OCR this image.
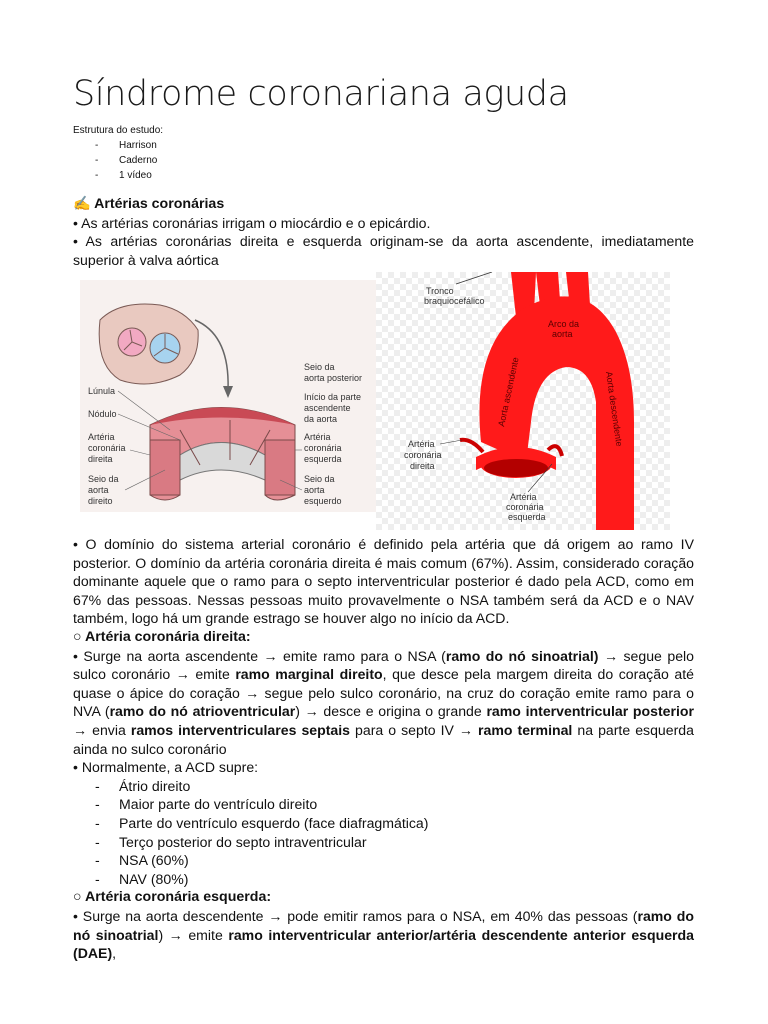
Síndrome coronariana aguda
Estrutura do estudo:
- Harrison
- Caderno
- 1 vídeo
✍ Artérias coronárias
• As artérias coronárias irrigam o miocárdio e o epicárdio.
• As artérias coronárias direita e esquerda originam-se da aorta ascendente, imediatamente superior à valva aórtica
Lúnula
Nódulo
Artéria
coronária
direita
Seio da
aorta
direito
Seio da
aorta posterior
Início da parte
ascendente
da aorta
Artéria
coronária
esquerda
Seio da
aorta
esquerdo
Tronco
braquiocefálico
Arco da
aorta
Aorta ascendente	Aorta descendente
Artéria
coronária
direita
Artéria
coronária
esquerda
• O domínio do sistema arterial coronário é definido pela artéria que dá origem ao ramo IV posterior. O domínio da artéria coronária direita é mais comum (67%). Assim, considerado coração dominante aquele que o ramo para o septo interventricular posterior é dado pela ACD, como em 67% das pessoas. Nessas pessoas muito provavelmente o NSA também será da ACD e o NAV também, logo há um grande estrago se houver algo no início da ACD.
○ Artéria coronária direita:
• Surge na aorta ascendente → emite ramo para o NSA (ramo do nó sinoatrial) → segue pelo sulco coronário → emite ramo marginal direito, que desce pela margem direita do coração até quase o ápice do coração → segue pelo sulco coronário, na cruz do coração emite ramo para o NVA (ramo do nó atrioventricular) → desce e origina o grande ramo interventricular posterior → envia ramos interventriculares septais para o septo IV → ramo terminal na parte esquerda ainda no sulco coronário
• Normalmente, a ACD supre:
- Átrio direito
- Maior parte do ventrículo direito
- Parte do ventrículo esquerdo (face diafragmática)
- Terço posterior do septo intraventricular
- NSA (60%)
- NAV (80%)
○ Artéria coronária esquerda:
• Surge na aorta descendente → pode emitir ramos para o NSA, em 40% das pessoas (ramo do nó sinoatrial) → emite ramo interventricular anterior/artéria descendente anterior esquerda (DAE),
